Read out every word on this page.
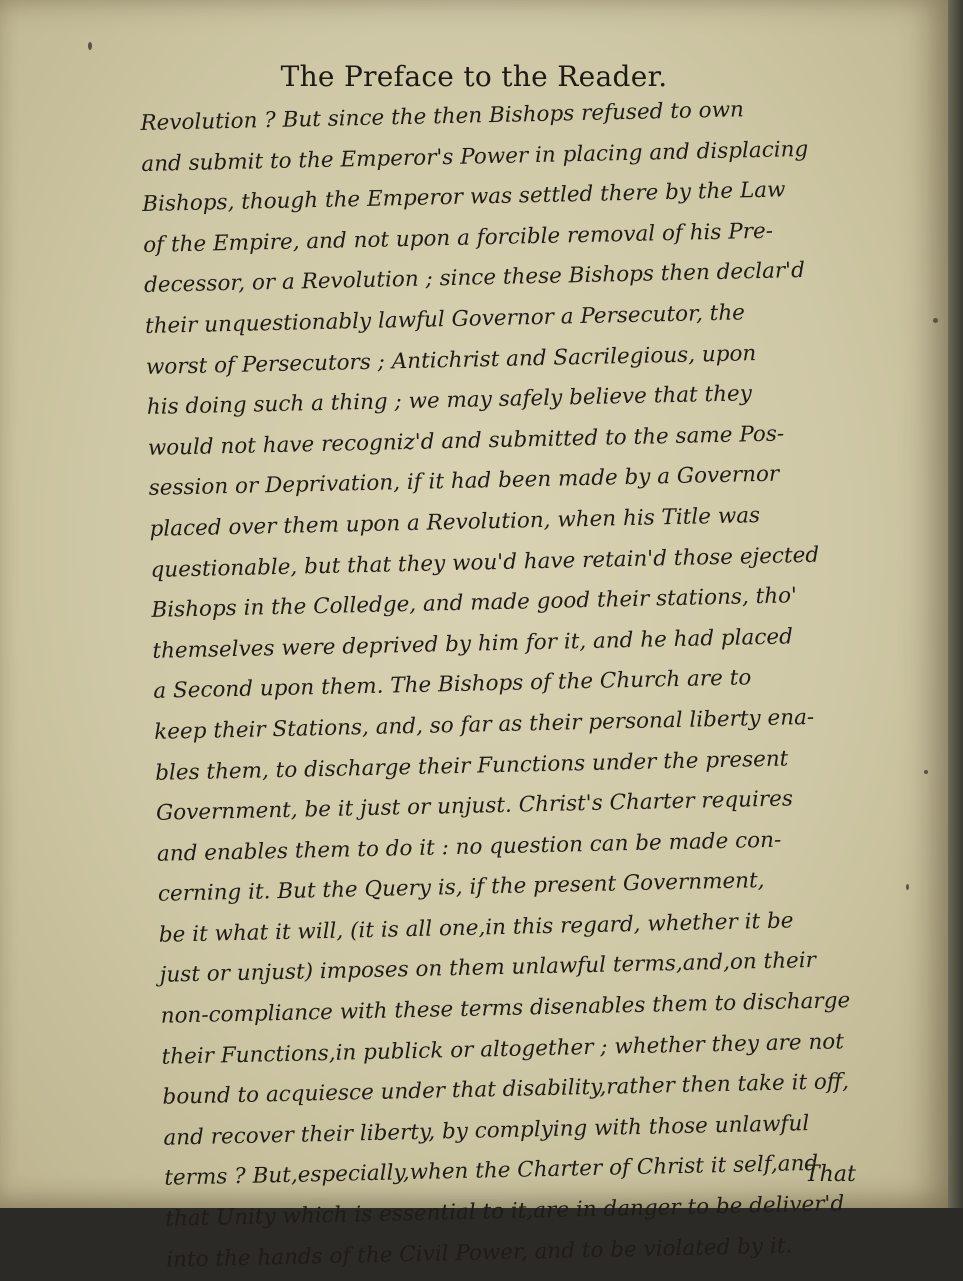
The Preface to the Reader.
Revolution ? But since the then Bishops refused to own
and submit to the Emperor's Power in placing and displacing
Bishops, though the Emperor was settled there by the Law
of the Empire, and not upon a forcible removal of his Pre-
decessor, or a Revolution ; since these Bishops then declar'd
their unquestionably lawful Governor a Persecutor, the
worst of Persecutors ; Antichrist and Sacrilegious, upon
his doing such a thing ; we may safely believe that they
would not have recogniz'd and submitted to the same Pos-
session or Deprivation, if it had been made by a Governor
placed over them upon a Revolution, when his Title was
questionable, but that they wou'd have retain'd those ejected
Bishops in the Colledge, and made good their stations, tho'
themselves were deprived by him for it, and he had placed
a Second upon them. The Bishops of the Church are to
keep their Stations, and, so far as their personal liberty ena-
bles them, to discharge their Functions under the present
Government, be it just or unjust. Christ's Charter requires
and enables them to do it : no question can be made con-
cerning it. But the Query is, if the present Government,
be it what it will, (it is all one,in this regard, whether it be
just or unjust) imposes on them unlawful terms,and,on their
non-compliance with these terms disenables them to discharge
their Functions,in publick or altogether ; whether they are not
bound to acquiesce under that disability,rather then take it off,
and recover their liberty, by complying with those unlawful
terms ? But,especially,when the Charter of Christ it self,and
that Unity which is essential to it,are in danger to be deliver'd
into the hands of the Civil Power, and to be violated by it.
That
